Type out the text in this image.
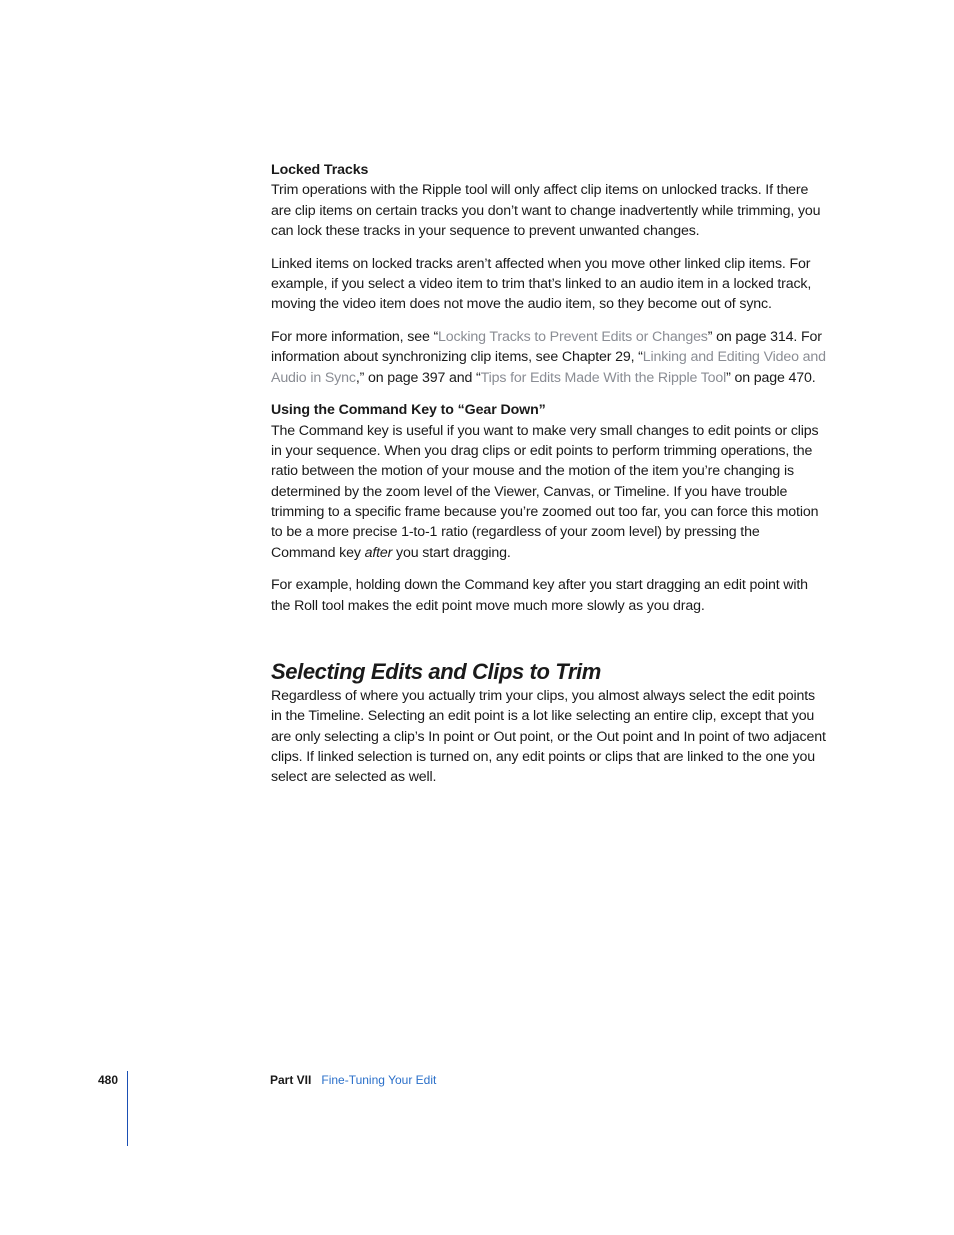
Locked Tracks

Trim operations with the Ripple tool will only affect clip items on unlocked tracks. If there are clip items on certain tracks you don’t want to change inadvertently while trimming, you can lock these tracks in your sequence to prevent unwanted changes.

Linked items on locked tracks aren’t affected when you move other linked clip items. For example, if you select a video item to trim that’s linked to an audio item in a locked track, moving the video item does not move the audio item, so they become out of sync.

For more information, see “Locking Tracks to Prevent Edits or Changes” on page 314. For information about synchronizing clip items, see Chapter 29, “Linking and Editing Video and Audio in Sync,” on page 397 and “Tips for Edits Made With the Ripple Tool” on page 470.

Using the Command Key to “Gear Down”

The Command key is useful if you want to make very small changes to edit points or clips in your sequence. When you drag clips or edit points to perform trimming operations, the ratio between the motion of your mouse and the motion of the item you’re changing is determined by the zoom level of the Viewer, Canvas, or Timeline. If you have trouble trimming to a specific frame because you’re zoomed out too far, you can force this motion to be a more precise 1-to-1 ratio (regardless of your zoom level) by pressing the Command key after you start dragging.

For example, holding down the Command key after you start dragging an edit point with the Roll tool makes the edit point move much more slowly as you drag.

Selecting Edits and Clips to Trim

Regardless of where you actually trim your clips, you almost always select the edit points in the Timeline. Selecting an edit point is a lot like selecting an entire clip, except that you are only selecting a clip’s In point or Out point, or the Out point and In point of two adjacent clips. If linked selection is turned on, any edit points or clips that are linked to the one you select are selected as well.

480	Part VII Fine-Tuning Your Edit
